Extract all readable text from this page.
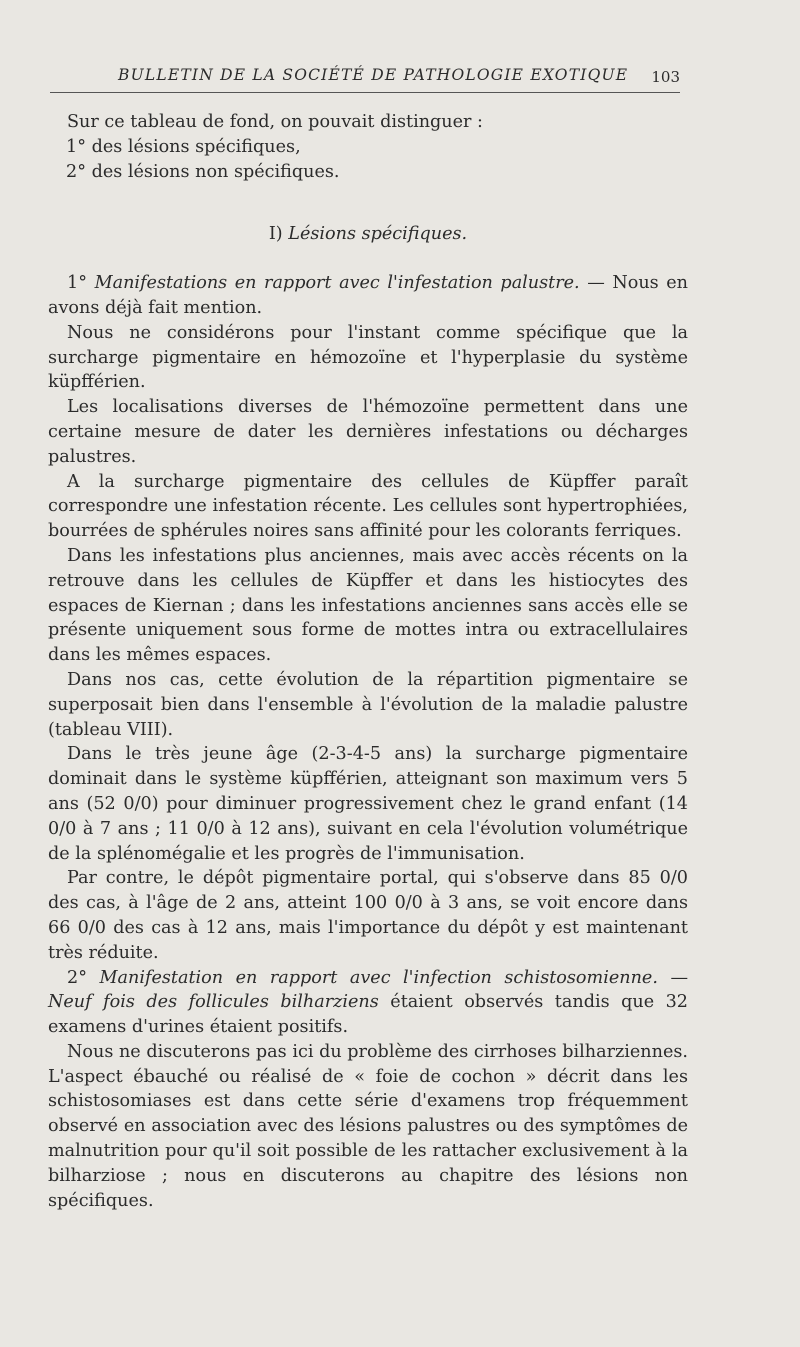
BULLETIN DE LA SOCIÉTÉ DE PATHOLOGIE EXOTIQUE 103

Sur ce tableau de fond, on pouvait distinguer :

1° des lésions spécifiques,

2° des lésions non spécifiques.

I) Lésions spécifiques.

1° Manifestations en rapport avec l'infestation palustre. — Nous en avons déjà fait mention.

Nous ne considérons pour l'instant comme spécifique que la surcharge pigmentaire en hémozoïne et l'hyperplasie du système küpfférien.

Les localisations diverses de l'hémozoïne permettent dans une certaine mesure de dater les dernières infestations ou décharges palustres.

A la surcharge pigmentaire des cellules de Küpffer paraît correspondre une infestation récente. Les cellules sont hypertrophiées, bourrées de sphérules noires sans affinité pour les colorants ferriques.

Dans les infestations plus anciennes, mais avec accès récents on la retrouve dans les cellules de Küpffer et dans les histiocytes des espaces de Kiernan ; dans les infestations anciennes sans accès elle se présente uniquement sous forme de mottes intra ou extracellulaires dans les mêmes espaces.

Dans nos cas, cette évolution de la répartition pigmentaire se superposait bien dans l'ensemble à l'évolution de la maladie palustre (tableau VIII).

Dans le très jeune âge (2-3-4-5 ans) la surcharge pigmentaire dominait dans le système küpfférien, atteignant son maximum vers 5 ans (52 0/0) pour diminuer progressivement chez le grand enfant (14 0/0 à 7 ans ; 11 0/0 à 12 ans), suivant en cela l'évolution volumétrique de la splénomégalie et les progrès de l'immunisation.

Par contre, le dépôt pigmentaire portal, qui s'observe dans 85 0/0 des cas, à l'âge de 2 ans, atteint 100 0/0 à 3 ans, se voit encore dans 66 0/0 des cas à 12 ans, mais l'importance du dépôt y est maintenant très réduite.

2° Manifestation en rapport avec l'infection schistosomienne. — Neuf fois des follicules bilharziens étaient observés tandis que 32 examens d'urines étaient positifs.

Nous ne discuterons pas ici du problème des cirrhoses bilharziennes. L'aspect ébauché ou réalisé de « foie de cochon » décrit dans les schistosomiases est dans cette série d'examens trop fréquemment observé en association avec des lésions palustres ou des symptômes de malnutrition pour qu'il soit possible de les rattacher exclusivement à la bilharziose ; nous en discuterons au chapitre des lésions non spécifiques.
